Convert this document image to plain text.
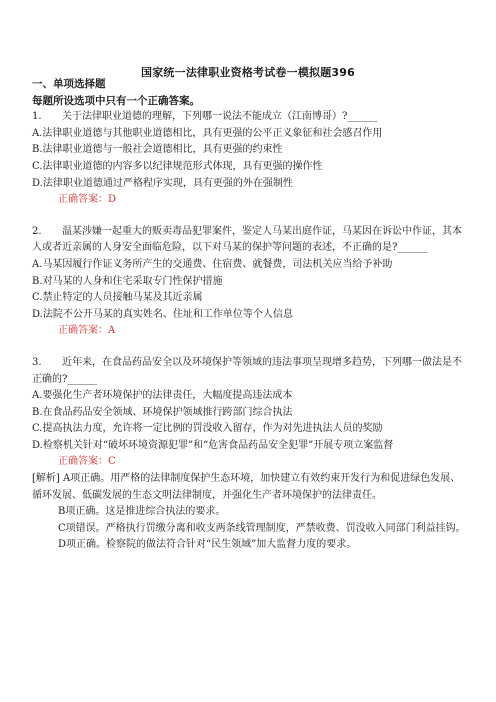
国家统一法律职业资格考试卷一模拟题396
一、单项选择题
每题所设选项中只有一个正确答案。
1. 关于法律职业道德的理解，下列哪一说法不能成立（江南博哥）?______
A.法律职业道德与其他职业道德相比，具有更强的公平正义象征和社会感召作用
B.法律职业道德与一般社会道德相比，具有更强的约束性
C.法律职业道德的内容多以纪律规范形式体现，具有更强的操作性
D.法律职业道德通过严格程序实现，具有更强的外在强制性
正确答案：D
2. 温某涉嫌一起重大的贩卖毒品犯罪案件，鉴定人马某出庭作证，马某因在诉讼中作证，其本人或者近亲属的人身安全面临危险，以下对马某的保护等问题的表述，不正确的是?______
A.马某因履行作证义务所产生的交通费、住宿费、就餐费，司法机关应当给予补助
B.对马某的人身和住宅采取专门性保护措施
C.禁止特定的人员接触马某及其近亲属
D.法院不公开马某的真实姓名、住址和工作单位等个人信息
正确答案：A
3. 近年来，在食品药品安全以及环境保护等领域的违法事项呈现增多趋势，下列哪一做法是不正确的?______
A.要强化生产者环境保护的法律责任，大幅度提高违法成本
B.在食品药品安全领域、环境保护领域推行跨部门综合执法
C.提高执法力度，允许将一定比例的罚没收入留存，作为对先进执法人员的奖励
D.检察机关针对“破坏环境资源犯罪”和“危害食品药品安全犯罪”开展专项立案监督
正确答案：C
[解析] A项正确。用严格的法律制度保护生态环境，加快建立有效约束开发行为和促进绿色发展、循环发展、低碳发展的生态文明法律制度，并强化生产者环境保护的法律责任。
B项正确。这是推进综合执法的要求。
C项错误。严格执行罚缴分离和收支两条线管理制度，严禁收费、罚没收入同部门利益挂钩。
D项正确。检察院的做法符合针对“民生领域”加大监督力度的要求。
